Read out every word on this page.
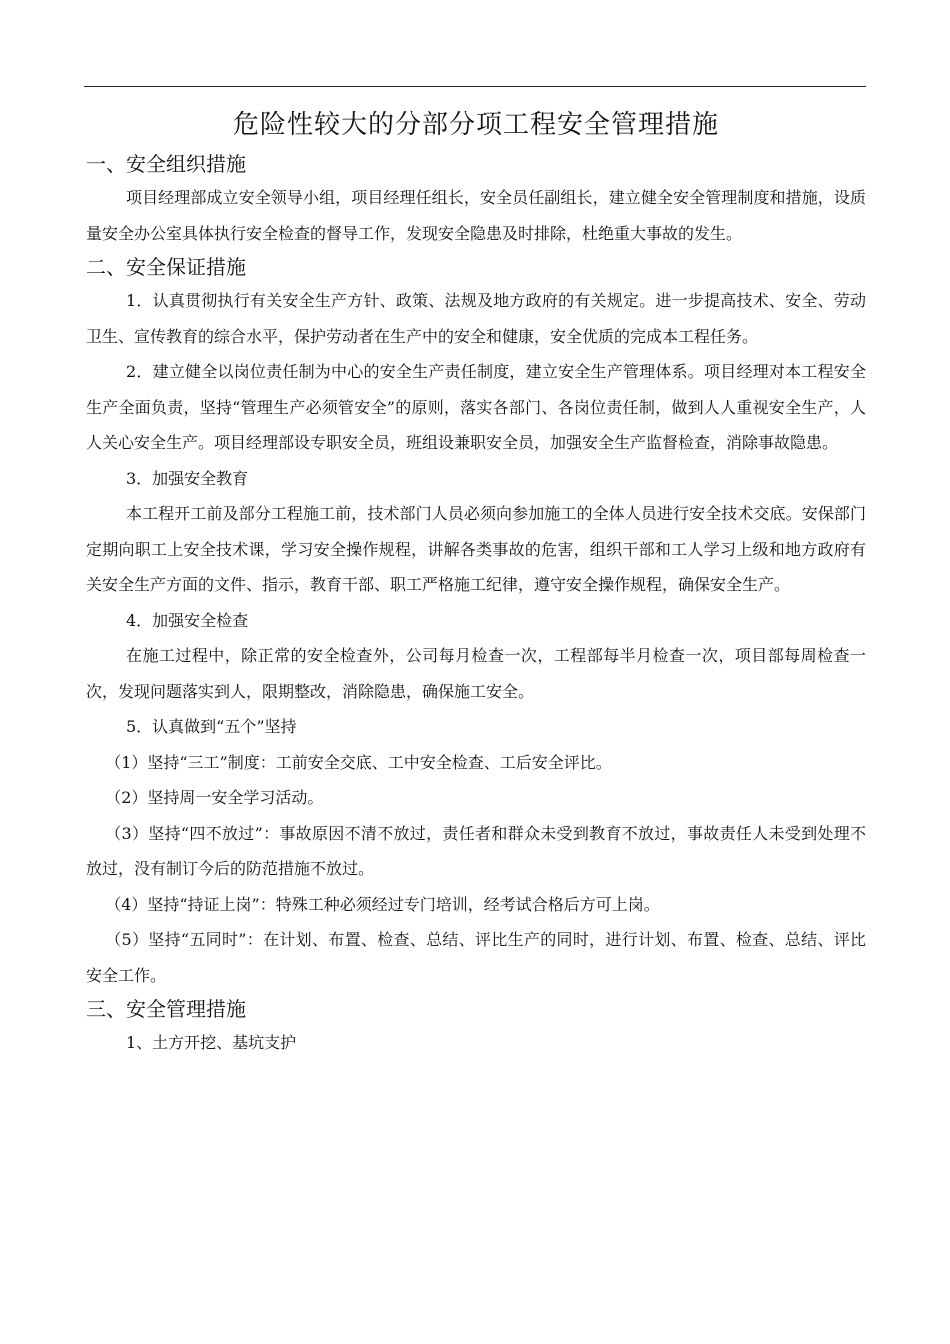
危险性较大的分部分项工程安全管理措施
一、安全组织措施

项目经理部成立安全领导小组，项目经理任组长，安全员任副组长，建立健全安全管理制度和措施，设质量安全办公室具体执行安全检查的督导工作，发现安全隐患及时排除，杜绝重大事故的发生。

二、安全保证措施

1．认真贯彻执行有关安全生产方针、政策、法规及地方政府的有关规定。进一步提高技术、安全、劳动卫生、宣传教育的综合水平，保护劳动者在生产中的安全和健康，安全优质的完成本工程任务。

2．建立健全以岗位责任制为中心的安全生产责任制度，建立安全生产管理体系。项目经理对本工程安全生产全面负责，坚持“管理生产必须管安全”的原则，落实各部门、各岗位责任制，做到人人重视安全生产，人人关心安全生产。项目经理部设专职安全员，班组设兼职安全员，加强安全生产监督检查，消除事故隐患。

3．加强安全教育

本工程开工前及部分工程施工前，技术部门人员必须向参加施工的全体人员进行安全技术交底。安保部门定期向职工上安全技术课，学习安全操作规程，讲解各类事故的危害，组织干部和工人学习上级和地方政府有关安全生产方面的文件、指示，教育干部、职工严格施工纪律，遵守安全操作规程，确保安全生产。

4．加强安全检查

在施工过程中，除正常的安全检查外，公司每月检查一次，工程部每半月检查一次，项目部每周检查一次，发现问题落实到人，限期整改，消除隐患，确保施工安全。

5．认真做到“五个”坚持

（1）坚持“三工”制度：工前安全交底、工中安全检查、工后安全评比。

（2）坚持周一安全学习活动。

（3）坚持“四不放过”：事故原因不清不放过，责任者和群众未受到教育不放过，事故责任人未受到处理不放过，没有制订今后的防范措施不放过。

（4）坚持“持证上岗”：特殊工种必须经过专门培训，经考试合格后方可上岗。

（5）坚持“五同时”：在计划、布置、检查、总结、评比生产的同时，进行计划、布置、检查、总结、评比安全工作。

三、安全管理措施

1、土方开挖、基坑支护
